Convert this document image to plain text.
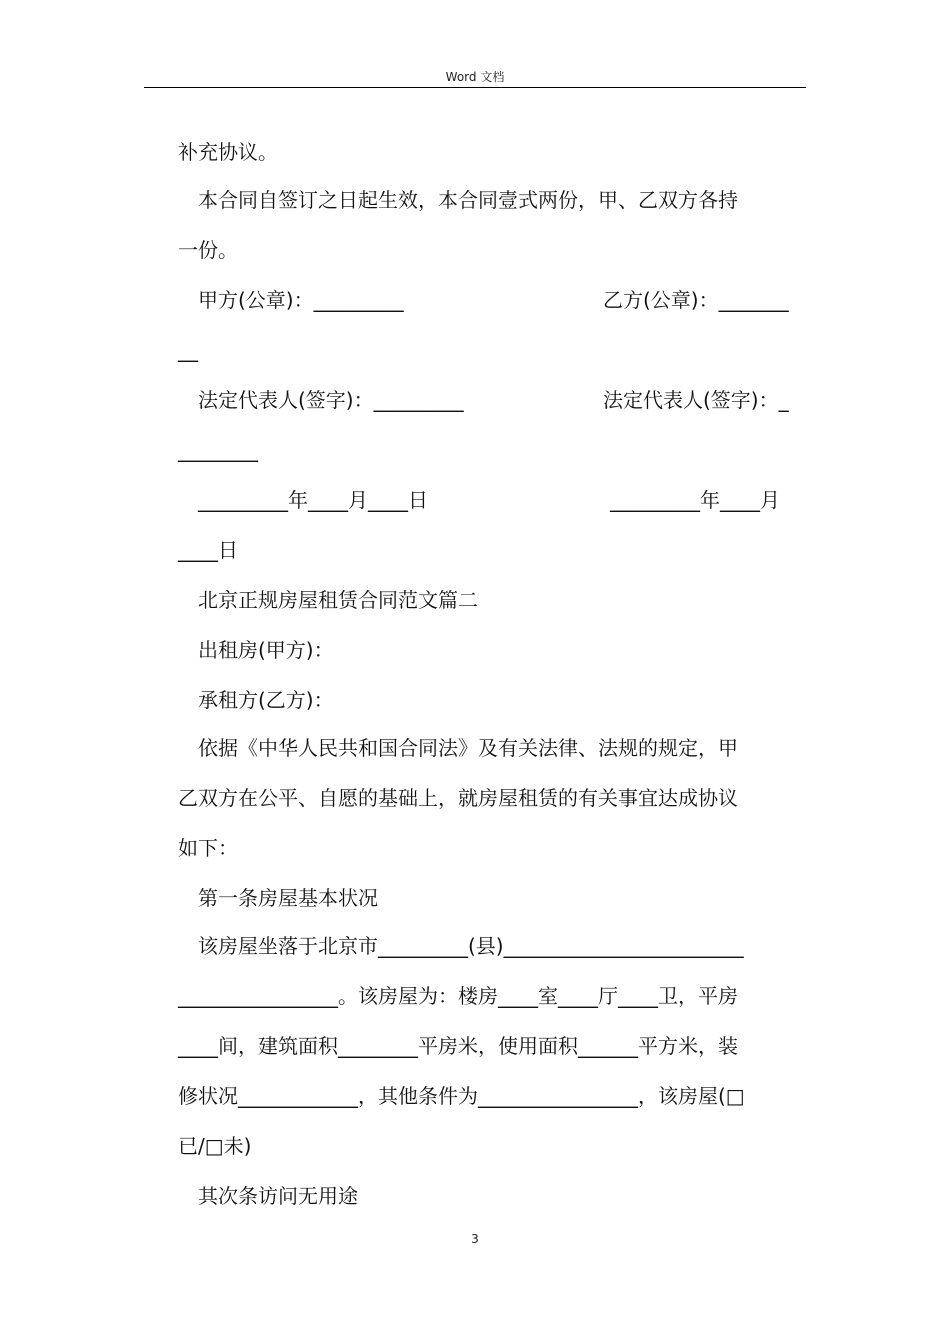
Word 文档
补充协议。
本合同自签订之日起生效，本合同壹式两份，甲、乙双方各持
一份。
甲方(公章)：_________	乙方(公章)：_______
__
法定代表人(签字)：_________	法定代表人(签字)：_
________
_________年____月____日	_________年____月
____日
北京正规房屋租赁合同范文篇二
出租房(甲方)：
承租方(乙方)：
依据《中华人民共和国合同法》及有关法律、法规的规定，甲
乙双方在公平、自愿的基础上，就房屋租赁的有关事宜达成协议
如下：
第一条房屋基本状况
该房屋坐落于北京市_________(县)________________________
________________。该房屋为：楼房____室____厅____卫，平房
____间，建筑面积________平房米，使用面积______平方米，装
修状况____________，其他条件为________________，该房屋(□
已/□未)
其次条访问无用途
3
